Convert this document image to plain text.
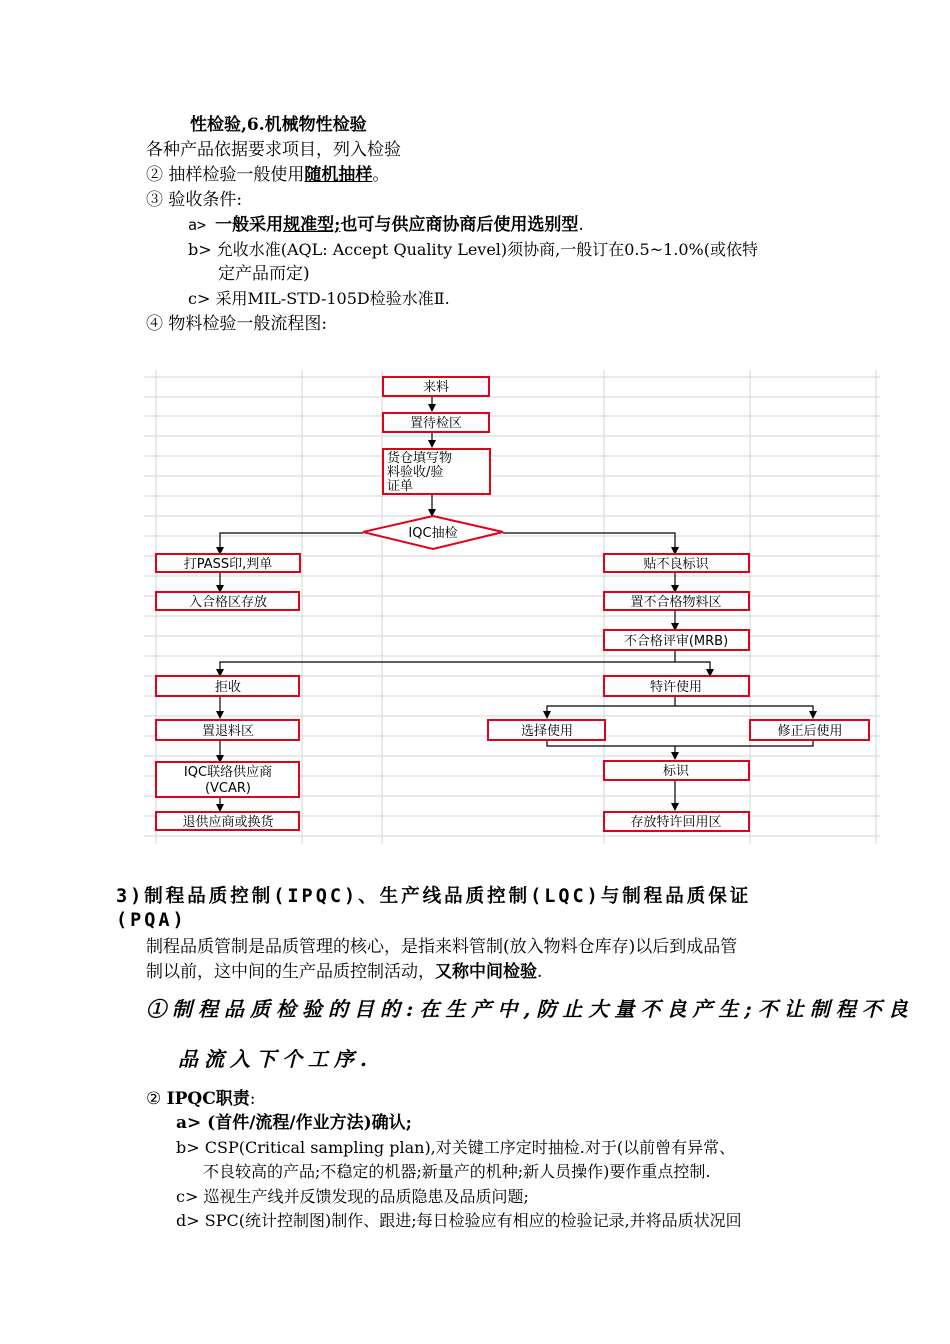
性检验,6.机械物性检验
各种产品依据要求项目，列入检验
② 抽样检验一般使用随机抽样。
③ 验收条件:
a> 一般采用规准型;也可与供应商协商后使用选别型.
b> 允收水准(AQL: Accept Quality Level)须协商,一般订在0.5~1.0%(或依特
定产品而定)
c> 采用MIL-STD-105D检验水准Ⅱ.
④ 物料检验一般流程图:
来料
置待检区
货仓填写物
料验收/验
证单
IQC抽检
打PASS印,判单
入合格区存放
贴不良标识
置不合格物料区
不合格评审(MRB)
拒收	特许使用
置退料区	选择使用	修正后使用
IQC联络供应商
(VCAR)
标识
退供应商或换货	存放特许回用区
3)制程品质控制(IPQC)、生产线品质控制(LQC)与制程品质保证
(PQA)
制程品质管制是品质管理的核心，是指来料管制(放入物料仓库存)以后到成品管
制以前，这中间的生产品质控制活动，又称中间检验.
①制程品质检验的目的:在生产中,防止大量不良产生;不让制程不良
品流入下个工序.
② IPQC职责:
a> (首件/流程/作业方法)确认;
b> CSP(Critical sampling plan),对关键工序定时抽检.对于(以前曾有异常、
不良较高的产品;不稳定的机器;新量产的机种;新人员操作)要作重点控制.
c> 巡视生产线并反馈发现的品质隐患及品质问题;
d> SPC(统计控制图)制作、跟进;每日检验应有相应的检验记录,并将品质状况回
